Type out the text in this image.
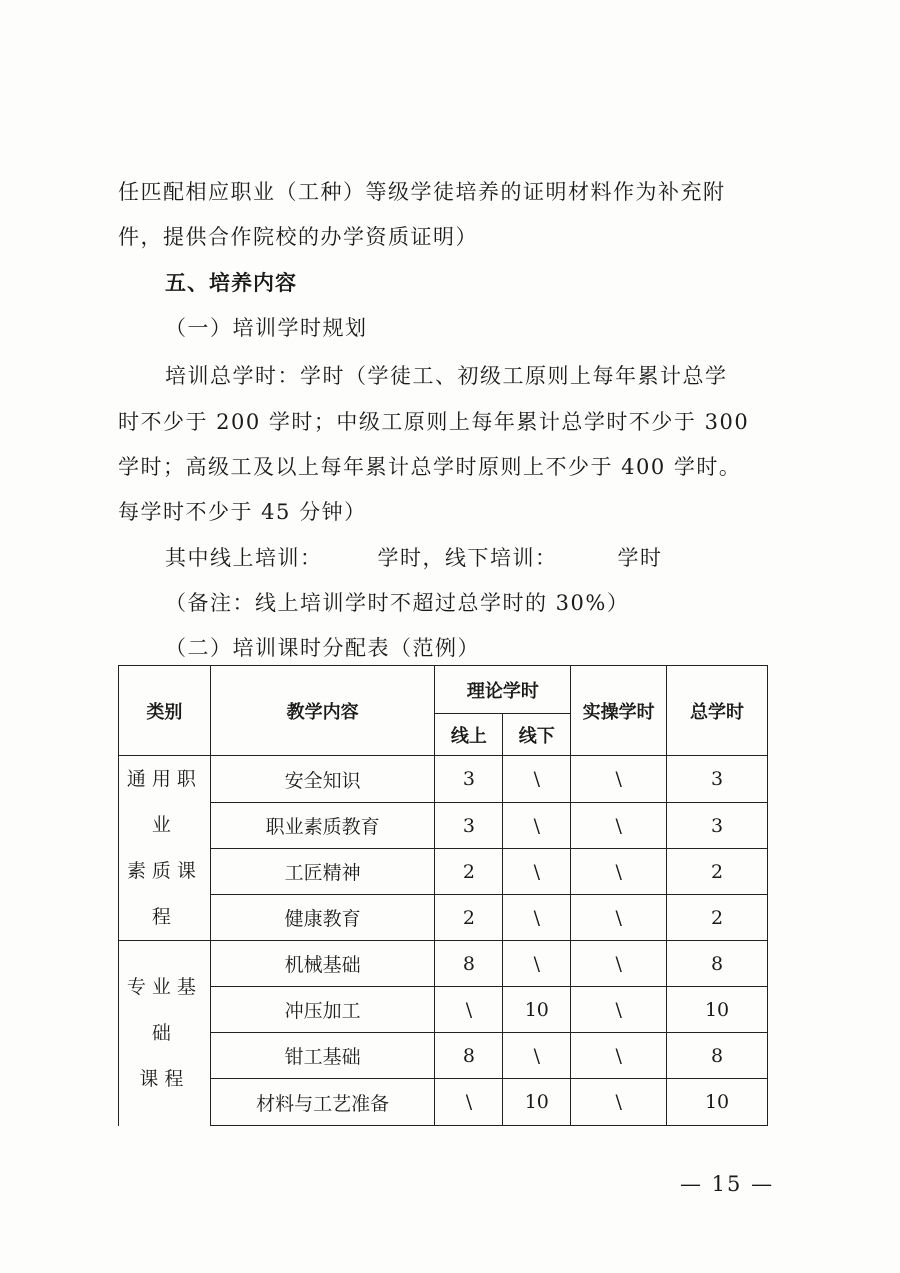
任匹配相应职业（工种）等级学徒培养的证明材料作为补充附
件，提供合作院校的办学资质证明）
五、培养内容
（一）培训学时规划
培训总学时：学时（学徒工、初级工原则上每年累计总学
时不少于 200 学时；中级工原则上每年累计总学时不少于 300
学时；高级工及以上每年累计总学时原则上不少于 400 学时。
每学时不少于 45 分钟）
其中线上培训：	学时，线下培训：	学时
（备注：线上培训学时不超过总学时的 30%）
（二）培训课时分配表（范例）
类别	教学内容	理论学时		实操学时	总学时
		线上	线下		

通用职业
素质课程	安全知识	3	\	\	3
	职业素质教育	3	\	\	3
	工匠精神	2	\	\	2
	健康教育	2	\	\	2

专业基础
课程	机械基础	8	\	\	8
	冲压加工	\	10	\	10
	钳工基础	8	\	\	8
	材料与工艺准备	\	10	\	10
— 15 —
